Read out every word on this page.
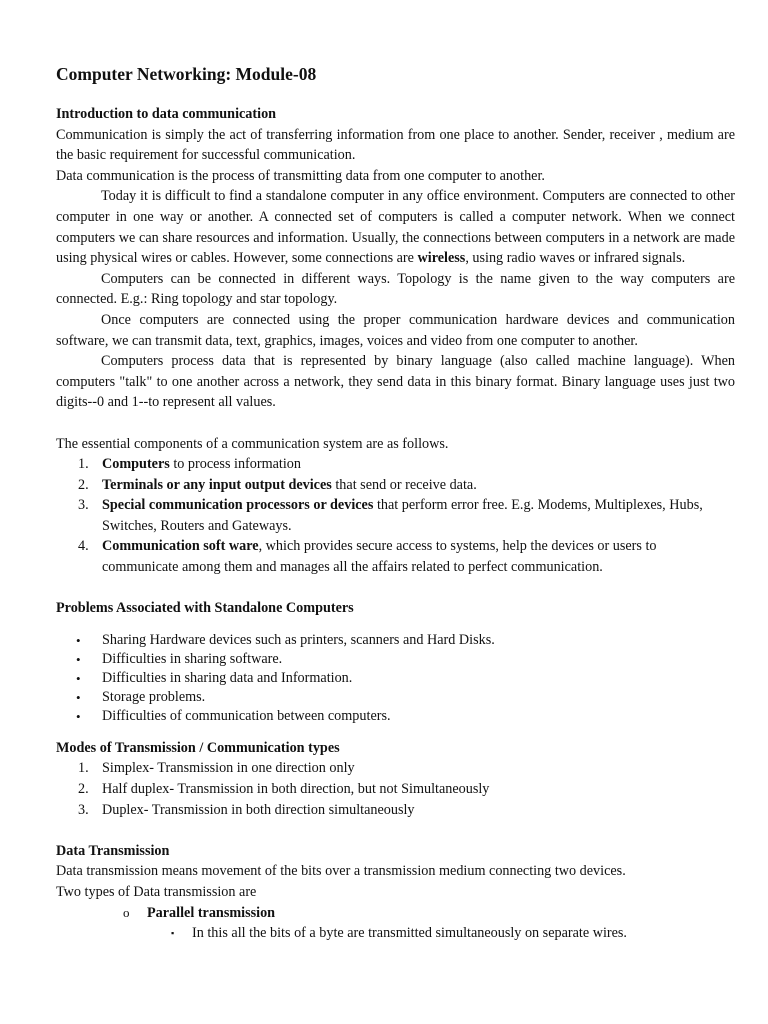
Computer Networking: Module-08
Introduction to data communication

Communication is simply the act of transferring information from one place to another. Sender, receiver , medium are the basic requirement for successful communication.

Data communication is the process of transmitting data from one computer to another.

Today it is difficult to find a standalone computer in any office environment. Computers are connected to other computer in one way or another. A connected set of computers is called a computer network. When we connect computers we can share resources and information. Usually, the connections between computers in a network are made using physical wires or cables. However, some connections are wireless, using radio waves or infrared signals.

Computers can be connected in different ways. Topology is the name given to the way computers are connected. E.g.: Ring topology and star topology.

Once computers are connected using the proper communication hardware devices and communication software, we can transmit data, text, graphics, images, voices and video from one computer to another.

Computers process data that is represented by binary language (also called machine language). When computers "talk" to one another across a network, they send data in this binary format. Binary language uses just two digits--0 and 1--to represent all values.

The essential components of a communication system are as follows.

1. Computers to process information
2. Terminals or any input output devices that send or receive data.
3. Special communication processors or devices that perform error free. E.g. Modems, Multiplexes, Hubs, Switches, Routers and Gateways.
4. Communication soft ware, which provides secure access to systems, help the devices or users to communicate among them and manages all the affairs related to perfect communication.
Problems Associated with Standalone Computers
• Sharing Hardware devices such as printers, scanners and Hard Disks.
• Difficulties in sharing software.
• Difficulties in sharing data and Information.
• Storage problems.
• Difficulties of communication between computers.
Modes of Transmission / Communication types
1. Simplex- Transmission in one direction only
2. Half duplex- Transmission in both direction, but not Simultaneously
3. Duplex- Transmission in both direction simultaneously
Data Transmission

Data transmission means movement of the bits over a transmission medium connecting two devices.

Two types of Data transmission are

o Parallel transmission
▪ In this all the bits of a byte are transmitted simultaneously on separate wires.
